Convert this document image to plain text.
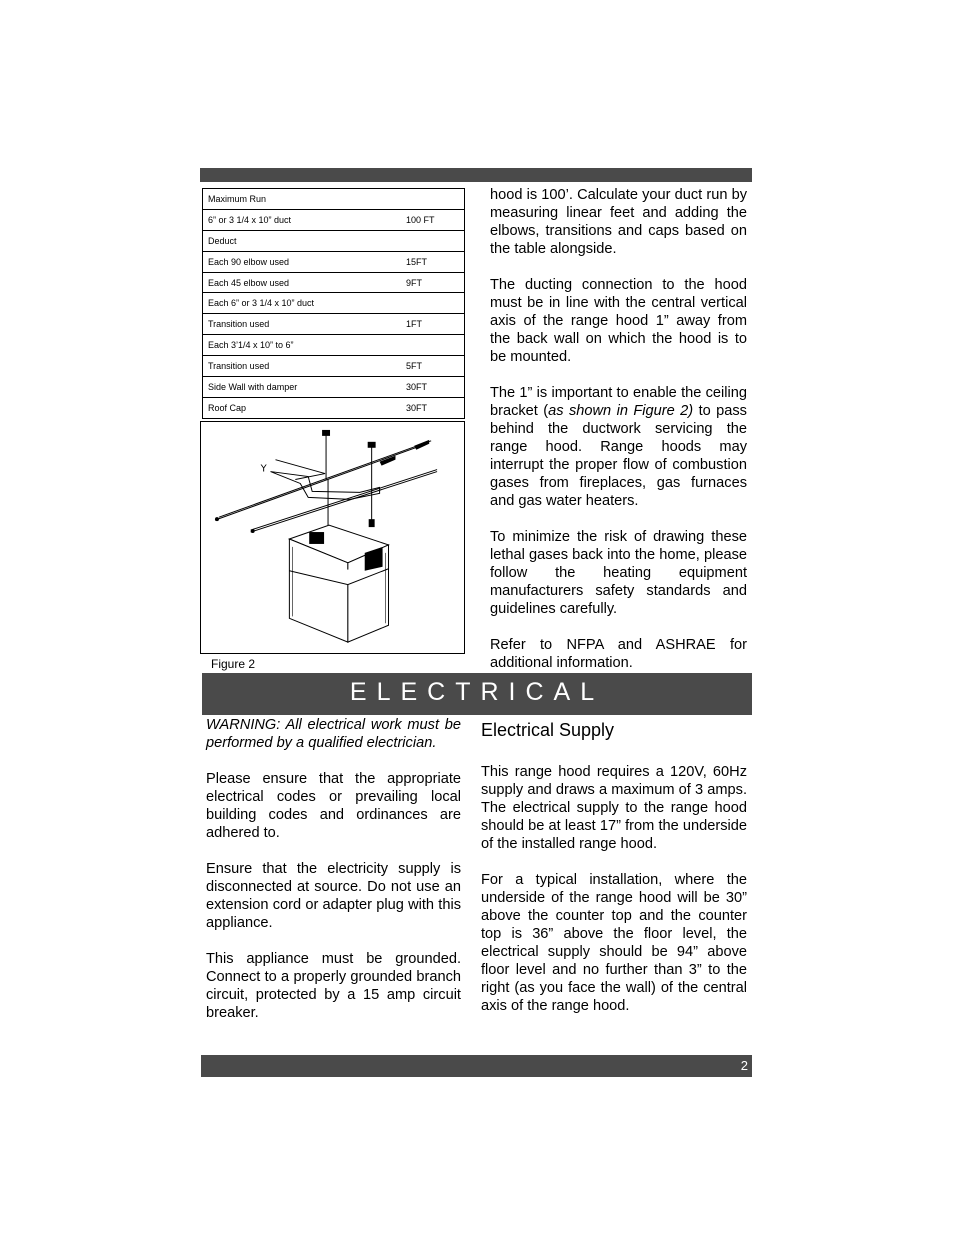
Maximum Run	
6” or 3 1/4 x 10” duct	100 FT
Deduct	
Each 90 elbow used	15FT
Each 45 elbow used	9FT
Each 6” or 3 1/4 x 10” duct	
Transition used	1FT
Each 3’1/4 x 10” to 6”	
Transition used	5FT
Side Wall with damper	30FT
Roof Cap	30FT
Y
Figure 2

hood is 100’. Calculate your duct run by measuring linear feet and adding the elbows, transitions and caps based on the table alongside.

The ducting connection to the hood must be in line with the central vertical axis of the range hood 1” away from the back wall on which the hood is to be mounted.

The 1” is important to enable the ceiling bracket (as shown in Figure 2) to pass behind the ductwork servicing the range hood. Range hoods may interrupt the proper flow of combustion gases from fireplaces, gas furnaces and gas water heaters.

To minimize the risk of drawing these lethal gases back into the home, please follow the heating equipment manufacturers safety standards and guidelines carefully.

Refer to NFPA and ASHRAE for additional information.

ELECTRICAL

WARNING: All electrical work must be performed by a qualified electrician.

Please ensure that the appropriate electrical codes or prevailing local building codes and ordinances are adhered to.

Ensure that the electricity supply is disconnected at source. Do not use an extension cord or adapter plug with this appliance.

This appliance must be grounded. Connect to a properly grounded branch circuit, protected by a 15 amp circuit breaker.

Electrical Supply

This range hood requires a 120V, 60Hz supply and draws a maximum of 3 amps. The electrical supply to the range hood should be at least 17” from the underside of the installed range hood.

For a typical installation, where the underside of the range hood will be 30” above the counter top and the counter top is 36” above the floor level, the electrical supply should be 94” above floor level and no further than 3” to the right (as you face the wall) of the central axis of the range hood.

2
